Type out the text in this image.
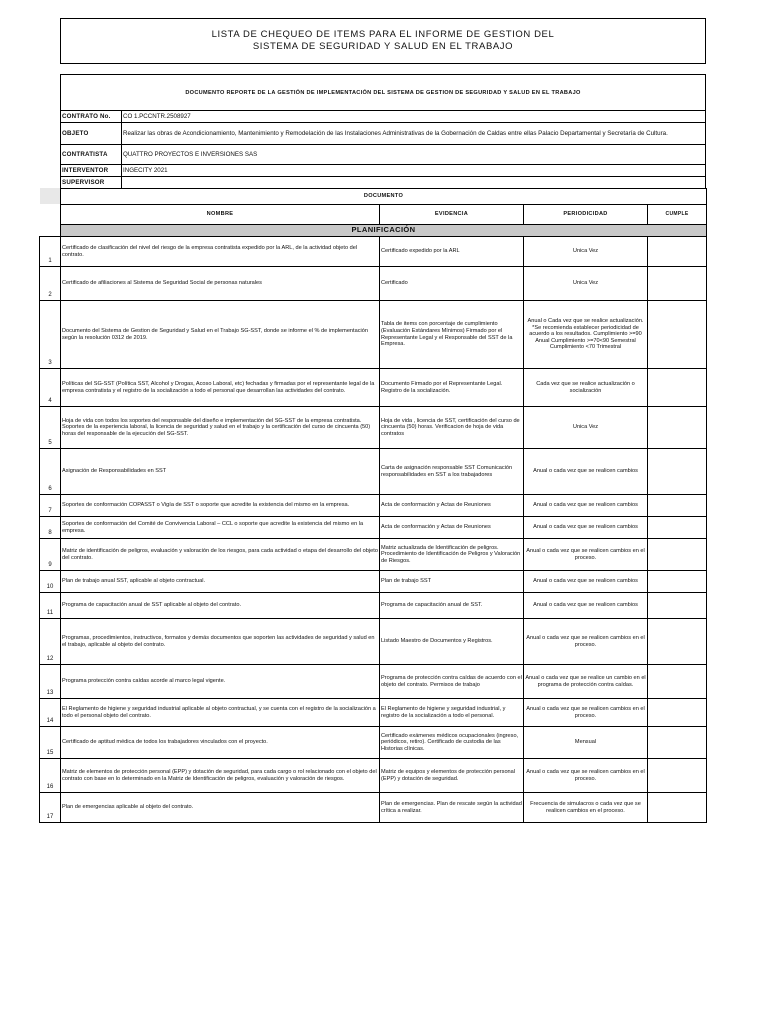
LISTA DE CHEQUEO DE ITEMS PARA EL INFORME DE GESTION DEL
SISTEMA DE SEGURIDAD Y SALUD EN EL TRABAJO
DOCUMENTO REPORTE DE LA GESTIÓN DE IMPLEMENTACIÓN DEL SISTEMA DE GESTION DE SEGURIDAD Y SALUD EN EL TRABAJO
CONTRATO No.	CO 1.PCCNTR.2508927
OBJETO	Realizar las obras de Acondicionamiento, Mantenimiento y Remodelación de las Instalaciones Administrativas de la Gobernación de Caldas entre ellas Palacio Departamental y Secretaría de Cultura.
CONTRATISTA	QUATTRO PROYECTOS E INVERSIONES SAS
INTERVENTOR	INGECITY 2021
SUPERVISOR	
	DOCUMENTO			
	NOMBRE	EVIDENCIA	PERIODICIDAD	CUMPLE
	PLANIFICACIÓN			
1	Certificado de clasificación del nivel del riesgo de la empresa contratista expedido por la ARL, de la actividad objeto del contrato.	Certificado expedido por la ARL	Unica Vez	
2	Certificado de afiliaciones al Sistema de Seguridad Social de personas naturales	Certificado	Unica Vez	
3	Documento del Sistema de Gestion de Seguridad y Salud en el Trabajo SG-SST, donde se informe el % de implementación según la resolución 0312 de 2019.	Tabla de items con porcentaje de cumplimiento (Evaluación Estándares Mínimos) Firmado por el Representante Legal y el Responsable del SST de la Empresa.	Anual o Cada vez que se realice actualización. *Se recomienda establecer periodicidad de acuerdo a los resultados. Cumplimiento >=90 Anual Cumplimiento >=70<90 Semestral Cumplimiento <70 Trimestral	
4	Políticas del SG-SST (Política SST, Alcohol y Drogas, Acoso Laboral, etc) fechadas y firmadas por el representante legal de la empresa contratista y el registro de la socialización a todo el personal que desarrollan las actividades del contrato.	Documento Firmado por el Representante Legal. Registro de la socialización.	Cada vez que se realice actualización o socialización	
5	Hoja de vida con todos los soportes del responsable del diseño e implementación del SG-SST de la empresa contratista. Soportes de la experiencia laboral, la licencia de seguridad y salud en el trabajo y la certificación del curso de cincuenta (50) horas del responsable de la ejecución del SG-SST.	Hoja de vida , licencia de SST, certificación del curso de cincuenta (50) horas. Verificacion de hoja de vida contratos	Unica Vez	
6	Asignación de Responsabilidades en SST	Carta de asignación responsable SST Comunicación responsabilidades en SST a los trabajadores	Anual o cada vez que se realicen cambios	
7	Soportes de conformación COPASST o Vigía de SST o soporte que acredite la existencia del mismo en la empresa.	Acta de conformación y Actas de Reuniones	Anual o cada vez que se realicen cambios	
8	Soportes de conformación del Comité de Convivencia Laboral – CCL o soporte que acredite la existencia del mismo en la empresa.	Acta de conformación y Actas de Reuniones	Anual o cada vez que se realicen cambios	
9	Matriz de identificación de peligros, evaluación y valoración de los riesgos, para cada actividad o etapa del desarrollo del objeto del contrato.	Matriz actualizada de Identificación de peligros. Procedimiento de Identificación de Peligros y Valoración de Riesgos.	Anual o cada vez que se realicen cambios en el proceso.	
10	Plan de trabajo anual SST, aplicable al objeto contractual.	Plan de trabajo SST	Anual o cada vez que se realicen cambios	
11	Programa de capacitación anual de SST aplicable al objeto del contrato.	Programa de capacitación anual de SST.	Anual o cada vez que se realicen cambios	
12	Programas, procedimientos, instructivos, formatos y demás documentos que soporten las actividades de seguridad y salud en el trabajo, aplicable al objeto del contrato.	Listado Maestro de Documentos y Registros.	Anual o cada vez que se realicen cambios en el proceso.	
13	Programa protección contra caídas acorde al marco legal vigente.	Programa de protección contra caídas de acuerdo con el objeto del contrato. Permisos de trabajo	Anual o cada vez que se realice un cambio en el programa de protección contra caídas.	
14	El Reglamento de higiene y seguridad industrial aplicable al objeto contractual, y se cuenta con el registro de la socialización a todo el personal objeto del contrato.	El Reglamento de higiene y seguridad industrial, y registro de la socialización a todo el personal.	Anual o cada vez que se realicen cambios en el proceso.	
15	Certificado de aptitud médica de todos los trabajadores vinculados con el proyecto.	Certificado exámenes médicos ocupacionales (ingreso, periódicos, retiro). Certificado de custodia de las Historias clínicas.	Mensual	
16	Matriz de elementos de protección personal (EPP) y dotación de seguridad, para cada cargo o rol relacionado con el objeto del contrato con base en lo determinado en la Matriz de Identificación de peligros, evaluación y valoración de riesgos.	Matriz de equipos y elementos de protección personal (EPP) y dotación de seguridad.	Anual o cada vez que se realicen cambios en el proceso.	
17	Plan de emergencias aplicable al objeto del contrato.	Plan de emergencias. Plan de rescate según la actividad crítica a realizar.	Frecuencia de simulacros o cada vez que se realicen cambios en el proceso.	
